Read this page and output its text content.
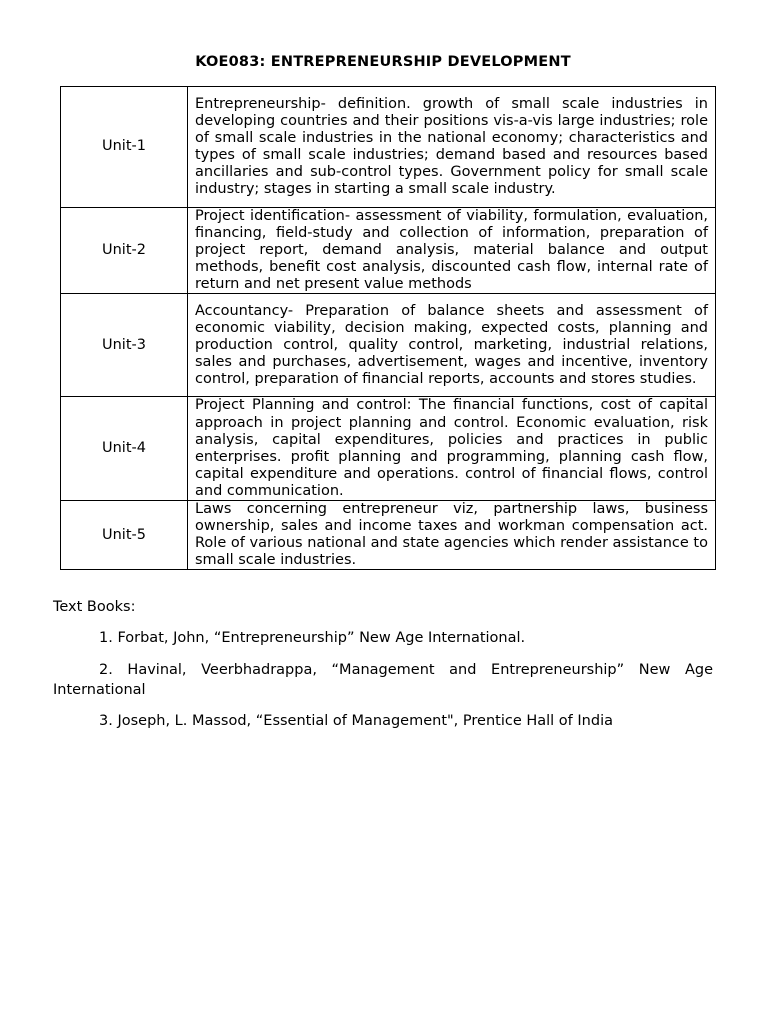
KOE083: ENTREPRENEURSHIP DEVELOPMENT
Unit-1	Entrepreneurship- definition. growth of small scale industries in developing countries and their positions vis-a-vis large industries; role of small scale industries in the national economy; characteristics and types of small scale industries; demand based and resources based ancillaries and sub-control types. Government policy for small scale industry; stages in starting a small scale industry.
Unit-2	Project identification- assessment of viability, formulation, evaluation, financing, field-study and collection of information, preparation of project report, demand analysis, material balance and output methods, benefit cost analysis, discounted cash flow, internal rate of return and net present value methods
Unit-3	Accountancy- Preparation of balance sheets and assessment of economic viability, decision making, expected costs, planning and production control, quality control, marketing, industrial relations, sales and purchases, advertisement, wages and incentive, inventory control, preparation of financial reports, accounts and stores studies.
Unit-4	Project Planning and control: The financial functions, cost of capital approach in project planning and control. Economic evaluation, risk analysis, capital expenditures, policies and practices in public enterprises. profit planning and programming, planning cash flow, capital expenditure and operations. control of financial flows, control and communication.
Unit-5	Laws concerning entrepreneur viz, partnership laws, business ownership, sales and income taxes and workman compensation act. Role of various national and state agencies which render assistance to small scale industries.
Text Books:
1. Forbat, John, “Entrepreneurship” New Age International.
2. Havinal, Veerbhadrappa, “Management and Entrepreneurship” New Age International
3. Joseph, L. Massod, “Essential of Management", Prentice Hall of India
